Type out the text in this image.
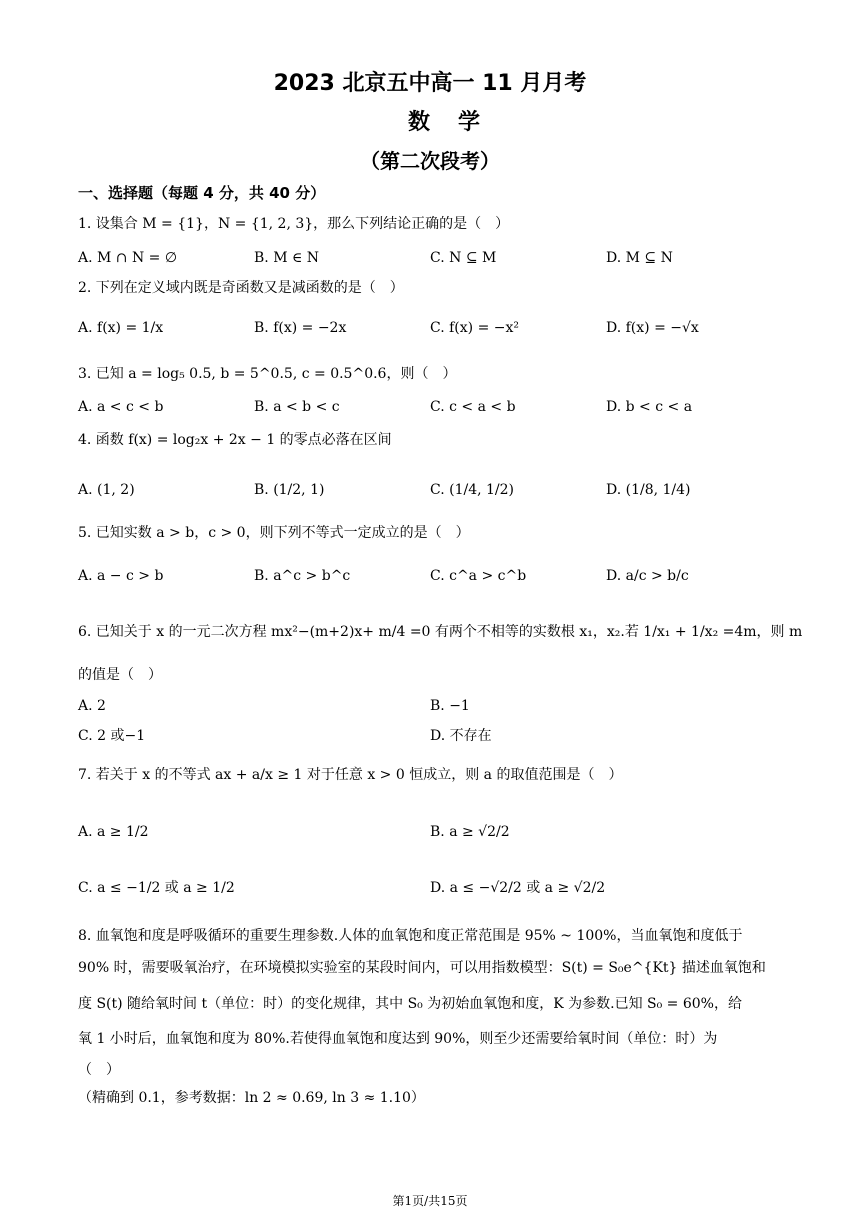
2023 北京五中高一 11 月月考
数学
（第二次段考）
一、选择题（每题 4 分，共 40 分）
1. 设集合 M = {1}，N = {1, 2, 3}，那么下列结论正确的是（　）
A. M ∩ N = ∅	B. M ∈ N	C. N ⊆ M	D. M ⊆ N
2. 下列在定义域内既是奇函数又是减函数的是（　）
A. f(x) = 1/x	B. f(x) = −2x	C. f(x) = −x²	D. f(x) = −√x
3. 已知 a = log₅ 0.5, b = 5^0.5, c = 0.5^0.6，则（　）
A. a < c < b	B. a < b < c	C. c < a < b	D. b < c < a
4. 函数 f(x) = log₂x + 2x − 1 的零点必落在区间
A. (1, 2)	B. (1/2, 1)	C. (1/4, 1/2)	D. (1/8, 1/4)
5. 已知实数 a > b，c > 0，则下列不等式一定成立的是（　）
A. a − c > b	B. a^c > b^c	C. c^a > c^b	D. a/c > b/c
6. 已知关于 x 的一元二次方程 mx²−(m+2)x+ m/4 =0 有两个不相等的实数根 x₁，x₂.若 1/x₁ + 1/x₂ =4m，则 m
的值是（　）
A. 2	B. −1
C. 2 或−1	D. 不存在
7. 若关于 x 的不等式 ax + a/x ≥ 1 对于任意 x > 0 恒成立，则 a 的取值范围是（　）
A. a ≥ 1/2	B. a ≥ √2/2
C. a ≤ −1/2 或 a ≥ 1/2	D. a ≤ −√2/2 或 a ≥ √2/2
8. 血氧饱和度是呼吸循环的重要生理参数.人体的血氧饱和度正常范围是 95% ~ 100%，当血氧饱和度低于
90% 时，需要吸氧治疗，在环境模拟实验室的某段时间内，可以用指数模型：S(t) = S₀e^{Kt} 描述血氧饱和
度 S(t) 随给氧时间 t（单位：时）的变化规律，其中 S₀ 为初始血氧饱和度，K 为参数.已知 S₀ = 60%，给
氧 1 小时后，血氧饱和度为 80%.若使得血氧饱和度达到 90%，则至少还需要给氧时间（单位：时）为
（　）
（精确到 0.1，参考数据：ln 2 ≈ 0.69, ln 3 ≈ 1.10）
第1页/共15页
